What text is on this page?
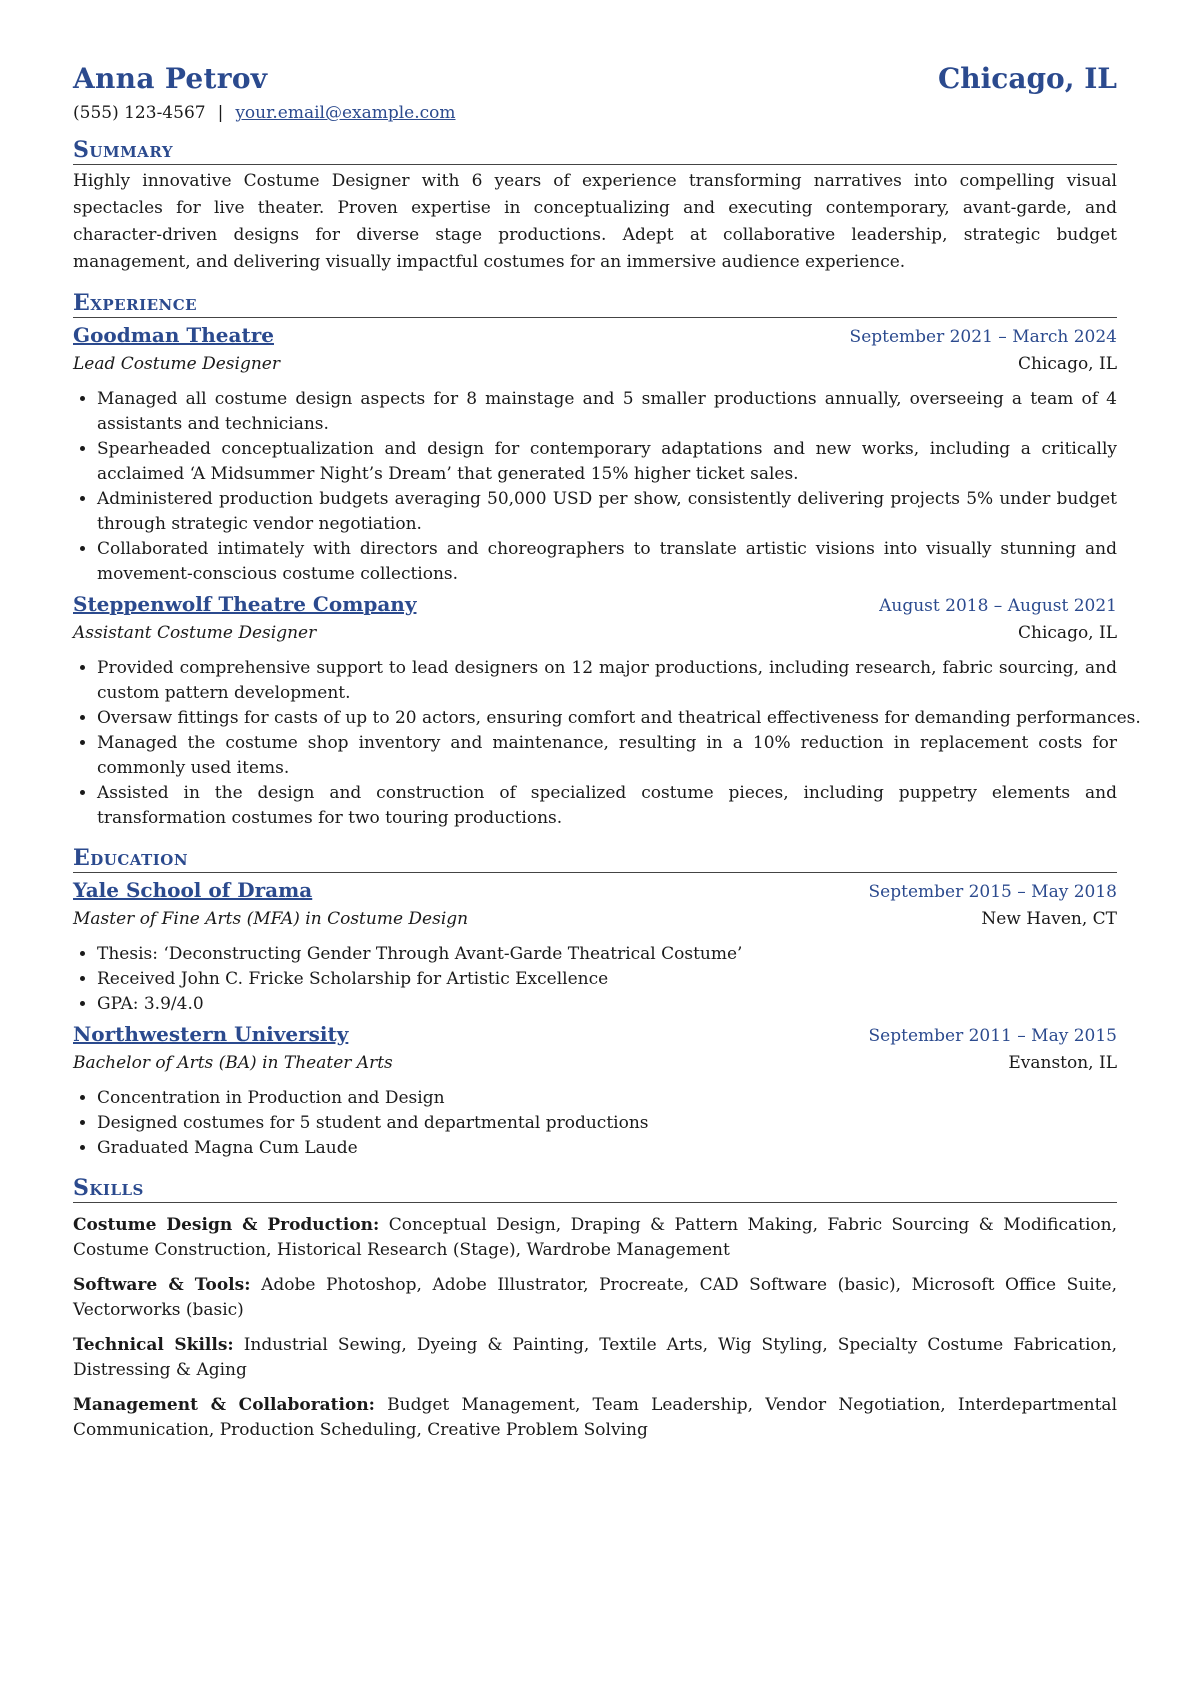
Anna Petrov	Chicago, IL
(555) 123-4567 | your.email@example.com
Summary
Highly innovative Costume Designer with 6 years of experience transforming narratives into compelling visual spectacles for live theater. Proven expertise in conceptualizing and executing contemporary, avant-garde, and character-driven designs for diverse stage productions. Adept at collaborative leadership, strategic budget management, and delivering visually impactful costumes for an immersive audience experience.
Experience
Goodman Theatre	September 2021 – March 2024
Lead Costume Designer	Chicago, IL
• Managed all costume design aspects for 8 mainstage and 5 smaller productions annually, overseeing a team of 4 assistants and technicians.
• Spearheaded conceptualization and design for contemporary adaptations and new works, including a critically acclaimed ‘A Midsummer Night’s Dream’ that generated 15% higher ticket sales.
• Administered production budgets averaging 50,000 USD per show, consistently delivering projects 5% under budget through strategic vendor negotiation.
• Collaborated intimately with directors and choreographers to translate artistic visions into visually stunning and movement-conscious costume collections.
Steppenwolf Theatre Company	August 2018 – August 2021
Assistant Costume Designer	Chicago, IL
• Provided comprehensive support to lead designers on 12 major productions, including research, fabric sourcing, and custom pattern development.
• Oversaw fittings for casts of up to 20 actors, ensuring comfort and theatrical effectiveness for demanding performances.
• Managed the costume shop inventory and maintenance, resulting in a 10% reduction in replacement costs for commonly used items.
• Assisted in the design and construction of specialized costume pieces, including puppetry elements and transformation costumes for two touring productions.
Education
Yale School of Drama	September 2015 – May 2018
Master of Fine Arts (MFA) in Costume Design	New Haven, CT
• Thesis: ‘Deconstructing Gender Through Avant-Garde Theatrical Costume’
• Received John C. Fricke Scholarship for Artistic Excellence
• GPA: 3.9/4.0
Northwestern University	September 2011 – May 2015
Bachelor of Arts (BA) in Theater Arts	Evanston, IL
• Concentration in Production and Design
• Designed costumes for 5 student and departmental productions
• Graduated Magna Cum Laude
Skills
Costume Design & Production: Conceptual Design, Draping & Pattern Making, Fabric Sourcing & Modification, Costume Construction, Historical Research (Stage), Wardrobe Management
Software & Tools: Adobe Photoshop, Adobe Illustrator, Procreate, CAD Software (basic), Microsoft Office Suite, Vectorworks (basic)
Technical Skills: Industrial Sewing, Dyeing & Painting, Textile Arts, Wig Styling, Specialty Costume Fabrication, Distressing & Aging
Management & Collaboration: Budget Management, Team Leadership, Vendor Negotiation, Interdepartmental Communication, Production Scheduling, Creative Problem Solving
